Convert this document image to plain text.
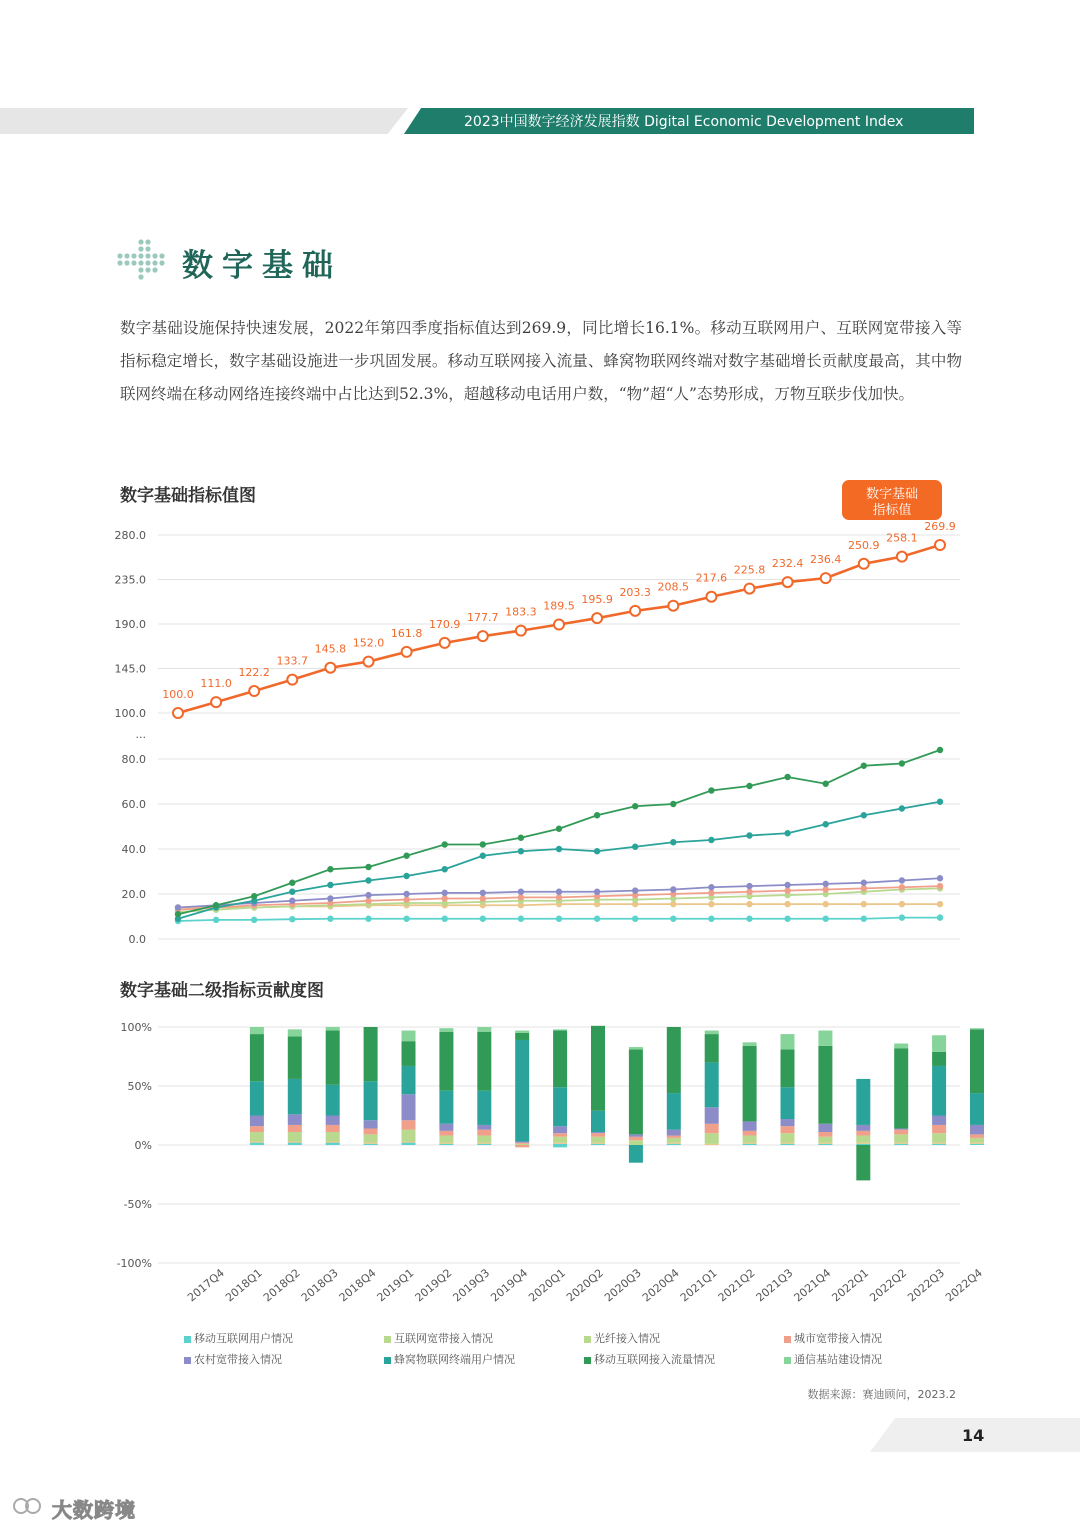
2023中国数字经济发展指数 Digital Economic Development Index
数字基础
数字基础设施保持快速发展，2022年第四季度指标值达到269.9，同比增长16.1%。移动互联网用户、互联网宽带接入等指标稳定增长，数字基础设施进一步巩固发展。移动互联网接入流量、蜂窝物联网终端对数字基础增长贡献度最高，其中物联网终端在移动网络连接终端中占比达到52.3%，超越移动电话用户数，“物”超“人”态势形成，万物互联步伐加快。
数字基础指标值图
0.0
20.0
40.0
60.0
80.0
100.0
145.0
190.0
235.0
280.0
...
100.0
111.0
122.2
133.7
145.8 152.0
161.8
170.9
177.7 183.3 189.5 195.9
203.3 208.5
217.6
225.8
232.4 236.4
250.9
258.1
269.9
数字基础
指标值
数字基础二级指标贡献度图
100%
50%
0%
-50%
-100%
2017Q4
2018Q1
2018Q2
2018Q3
2018Q4
2019Q1
2019Q2
2019Q3
2019Q4
2020Q1
2020Q2
2020Q3
2020Q4
2021Q1
2021Q2
2021Q3
2021Q4
2022Q1
2022Q2
2022Q3
2022Q4
移动互联网用户情况	互联网宽带接入情况	光纤接入情况	城市宽带接入情况
农村宽带接入情况	蜂窝物联网终端用户情况	移动互联网接入流量情况	通信基站建设情况
数据来源：赛迪顾问，2023.2
14
大数跨境
